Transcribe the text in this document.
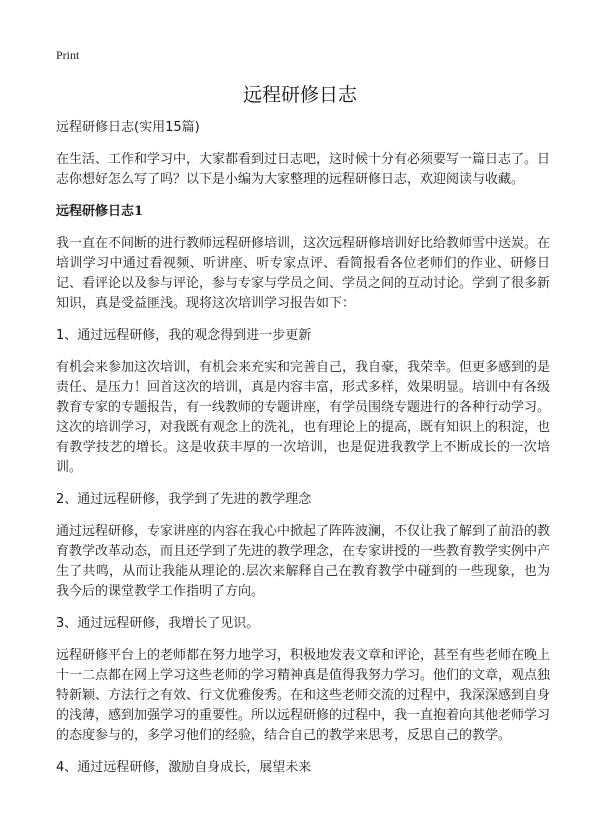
Print
远程研修日志
远程研修日志(实用15篇)

在生活、工作和学习中，大家都看到过日志吧，这时候十分有必须要写一篇日志了。日志你想好怎么写了吗？以下是小编为大家整理的远程研修日志，欢迎阅读与收藏。

远程研修日志1

我一直在不间断的进行教师远程研修培训，这次远程研修培训好比给教师雪中送炭。在培训学习中通过看视频、听讲座、听专家点评、看简报看各位老师们的作业、研修日记、看评论以及参与评论，参与专家与学员之间、学员之间的互动讨论。学到了很多新知识，真是受益匪浅。现将这次培训学习报告如下：

1、通过远程研修，我的观念得到进一步更新

有机会来参加这次培训，有机会来充实和完善自己，我自豪，我荣幸。但更多感到的是责任、是压力！回首这次的培训，真是内容丰富，形式多样，效果明显。培训中有各级教育专家的专题报告，有一线教师的专题讲座，有学员围绕专题进行的各种行动学习。这次的培训学习，对我既有观念上的洗礼，也有理论上的提高，既有知识上的积淀，也有教学技艺的增长。这是收获丰厚的一次培训，也是促进我教学上不断成长的一次培训。

2、通过远程研修，我学到了先进的教学理念

通过远程研修，专家讲座的内容在我心中掀起了阵阵波澜，不仅让我了解到了前沿的教育教学改革动态，而且还学到了先进的教学理念，在专家讲授的一些教育教学实例中产生了共鸣，从而让我能从理论的.层次来解释自己在教育教学中碰到的一些现象，也为我今后的课堂教学工作指明了方向。

3、通过远程研修，我增长了见识。

远程研修平台上的老师都在努力地学习，积极地发表文章和评论，甚至有些老师在晚上十一二点都在网上学习这些老师的学习精神真是值得我努力学习。他们的文章，观点独特新颖、方法行之有效、行文优雅俊秀。在和这些老师交流的过程中，我深深感到自身的浅薄，感到加强学习的重要性。所以远程研修的过程中，我一直抱着向其他老师学习的态度参与的，多学习他们的经验，结合自己的教学来思考，反思自己的教学。

4、通过远程研修，激励自身成长，展望未来
